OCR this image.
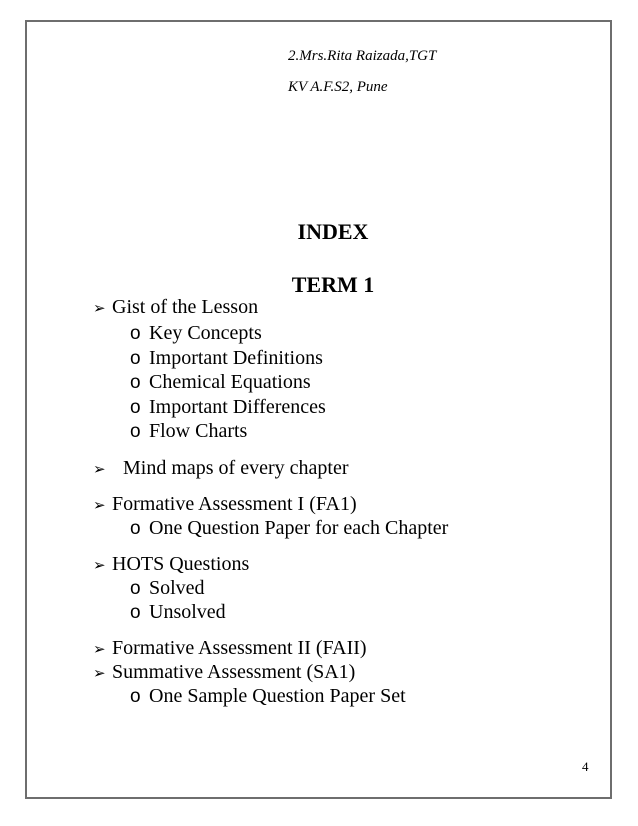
2.Mrs.Rita Raizada,TGT
KV A.F.S2, Pune
INDEX
TERM 1
➢ Gist of the Lesson
o Key Concepts
o Important Definitions
o Chemical Equations
o Important Differences
o Flow Charts
➢ Mind maps of every chapter
➢ Formative Assessment I (FA1)
o One Question Paper for each Chapter
➢ HOTS Questions
o Solved
o Unsolved
➢ Formative Assessment II (FAII)
➢ Summative Assessment (SA1)
o One Sample Question Paper Set
4
